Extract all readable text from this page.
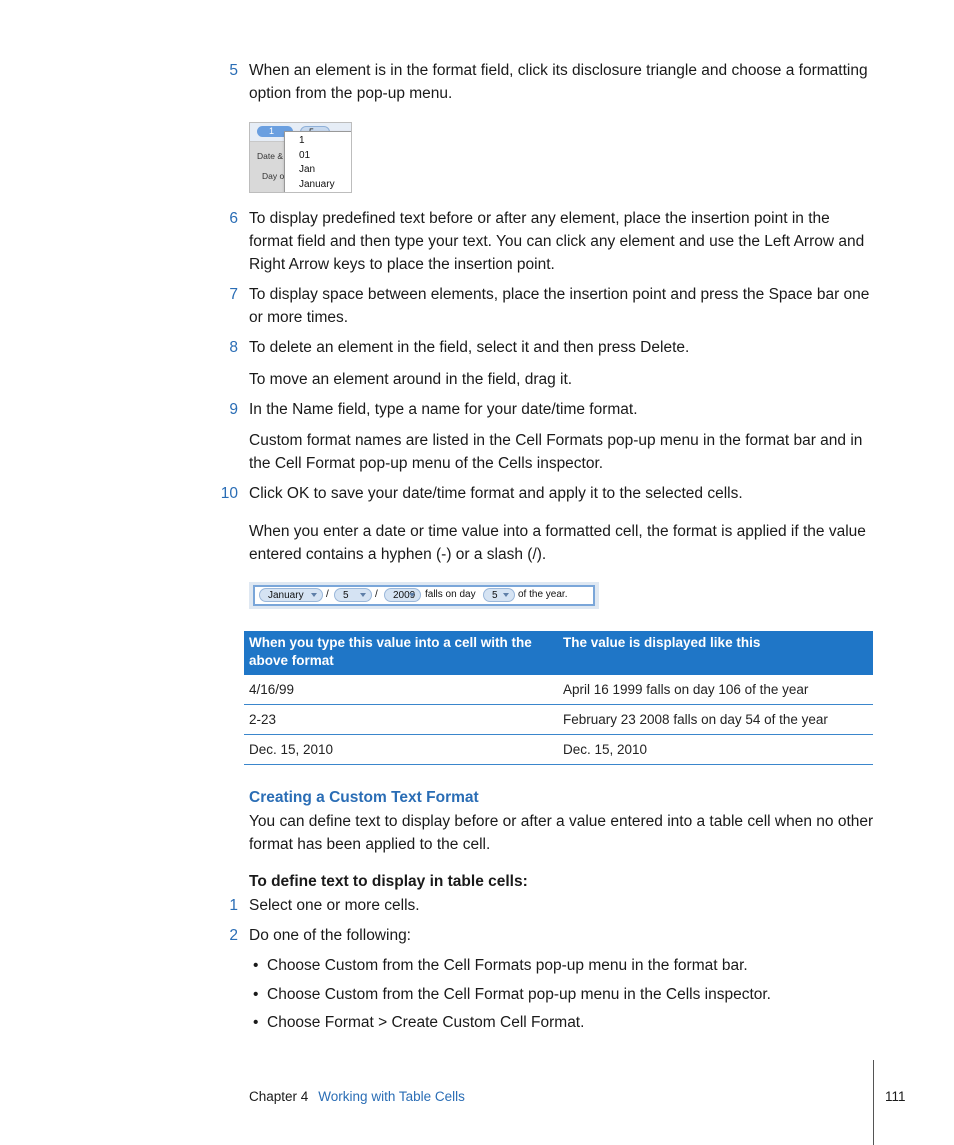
5 When an element is in the format field, click its disclosure triangle and choose a formatting option from the pop-up menu.
1
Date &
Day o
1
01
Jan
January
6 To display predefined text before or after any element, place the insertion point in the format field and then type your text. You can click any element and use the Left Arrow and Right Arrow keys to place the insertion point.
7 To display space between elements, place the insertion point and press the Space bar one or more times.
8 To delete an element in the field, select it and then press Delete.
To move an element around in the field, drag it.
9 In the Name field, type a name for your date/time format.
Custom format names are listed in the Cell Formats pop-up menu in the format bar and in the Cell Format pop-up menu of the Cells inspector.
10 Click OK to save your date/time format and apply it to the selected cells.
When you enter a date or time value into a formatted cell, the format is applied if the value entered contains a hyphen (-) or a slash (/).
January	/	5	/	2009 falls on day	5	of the year.
When you type this value into a cell with the above format	The value is displayed like this
4/16/99	April 16 1999 falls on day 106 of the year
2-23	February 23 2008 falls on day 54 of the year
Dec. 15, 2010	Dec. 15, 2010
Creating a Custom Text Format
You can define text to display before or after a value entered into a table cell when no other format has been applied to the cell.
To define text to display in table cells:
1 Select one or more cells.
2 Do one of the following:
• Choose Custom from the Cell Formats pop-up menu in the format bar.
• Choose Custom from the Cell Format pop-up menu in the Cells inspector.
• Choose Format > Create Custom Cell Format.
Chapter 4 Working with Table Cells	111
